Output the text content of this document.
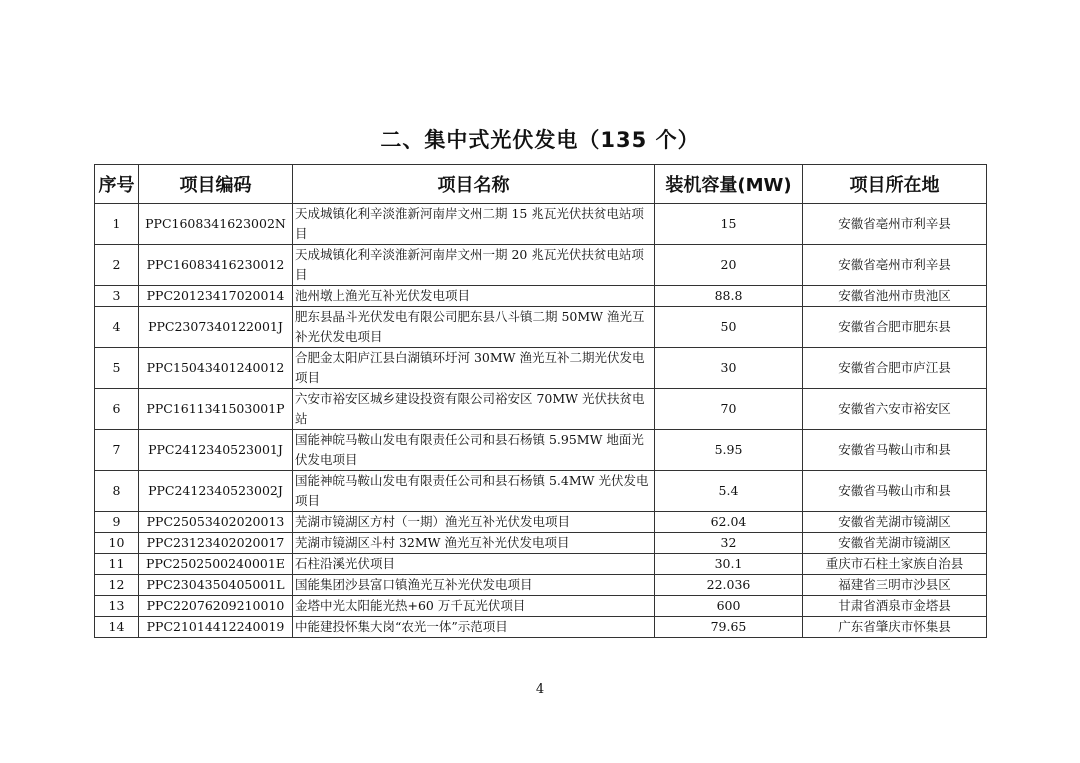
二、集中式光伏发电（135 个）
序号	项目编码	项目名称	装机容量(MW)	项目所在地
1	PPC1608341623002N	天成城镇化利辛淡淮新河南岸文州二期 15 兆瓦光伏扶贫电站项目	15	安徽省亳州市利辛县
2	PPC16083416230012	天成城镇化利辛淡淮新河南岸文州一期 20 兆瓦光伏扶贫电站项目	20	安徽省亳州市利辛县
3	PPC20123417020014	池州墩上渔光互补光伏发电项目	88.8	安徽省池州市贵池区
4	PPC2307340122001J	肥东县晶斗光伏发电有限公司肥东县八斗镇二期 50MW 渔光互补光伏发电项目	50	安徽省合肥市肥东县
5	PPC15043401240012	合肥金太阳庐江县白湖镇环圩河 30MW 渔光互补二期光伏发电项目	30	安徽省合肥市庐江县
6	PPC1611341503001P	六安市裕安区城乡建设投资有限公司裕安区 70MW 光伏扶贫电站	70	安徽省六安市裕安区
7	PPC2412340523001J	国能神皖马鞍山发电有限责任公司和县石杨镇 5.95MW 地面光伏发电项目	5.95	安徽省马鞍山市和县
8	PPC2412340523002J	国能神皖马鞍山发电有限责任公司和县石杨镇 5.4MW 光伏发电项目	5.4	安徽省马鞍山市和县
9	PPC25053402020013	芜湖市镜湖区方村（一期）渔光互补光伏发电项目	62.04	安徽省芜湖市镜湖区
10	PPC23123402020017	芜湖市镜湖区斗村 32MW 渔光互补光伏发电项目	32	安徽省芜湖市镜湖区
11	PPC2502500240001E	石柱沿溪光伏项目	30.1	重庆市石柱土家族自治县
12	PPC2304350405001L	国能集团沙县富口镇渔光互补光伏发电项目	22.036	福建省三明市沙县区
13	PPC22076209210010	金塔中光太阳能光热+60 万千瓦光伏项目	600	甘肃省酒泉市金塔县
14	PPC21014412240019	中能建投怀集大岗“农光一体”示范项目	79.65	广东省肇庆市怀集县
4
